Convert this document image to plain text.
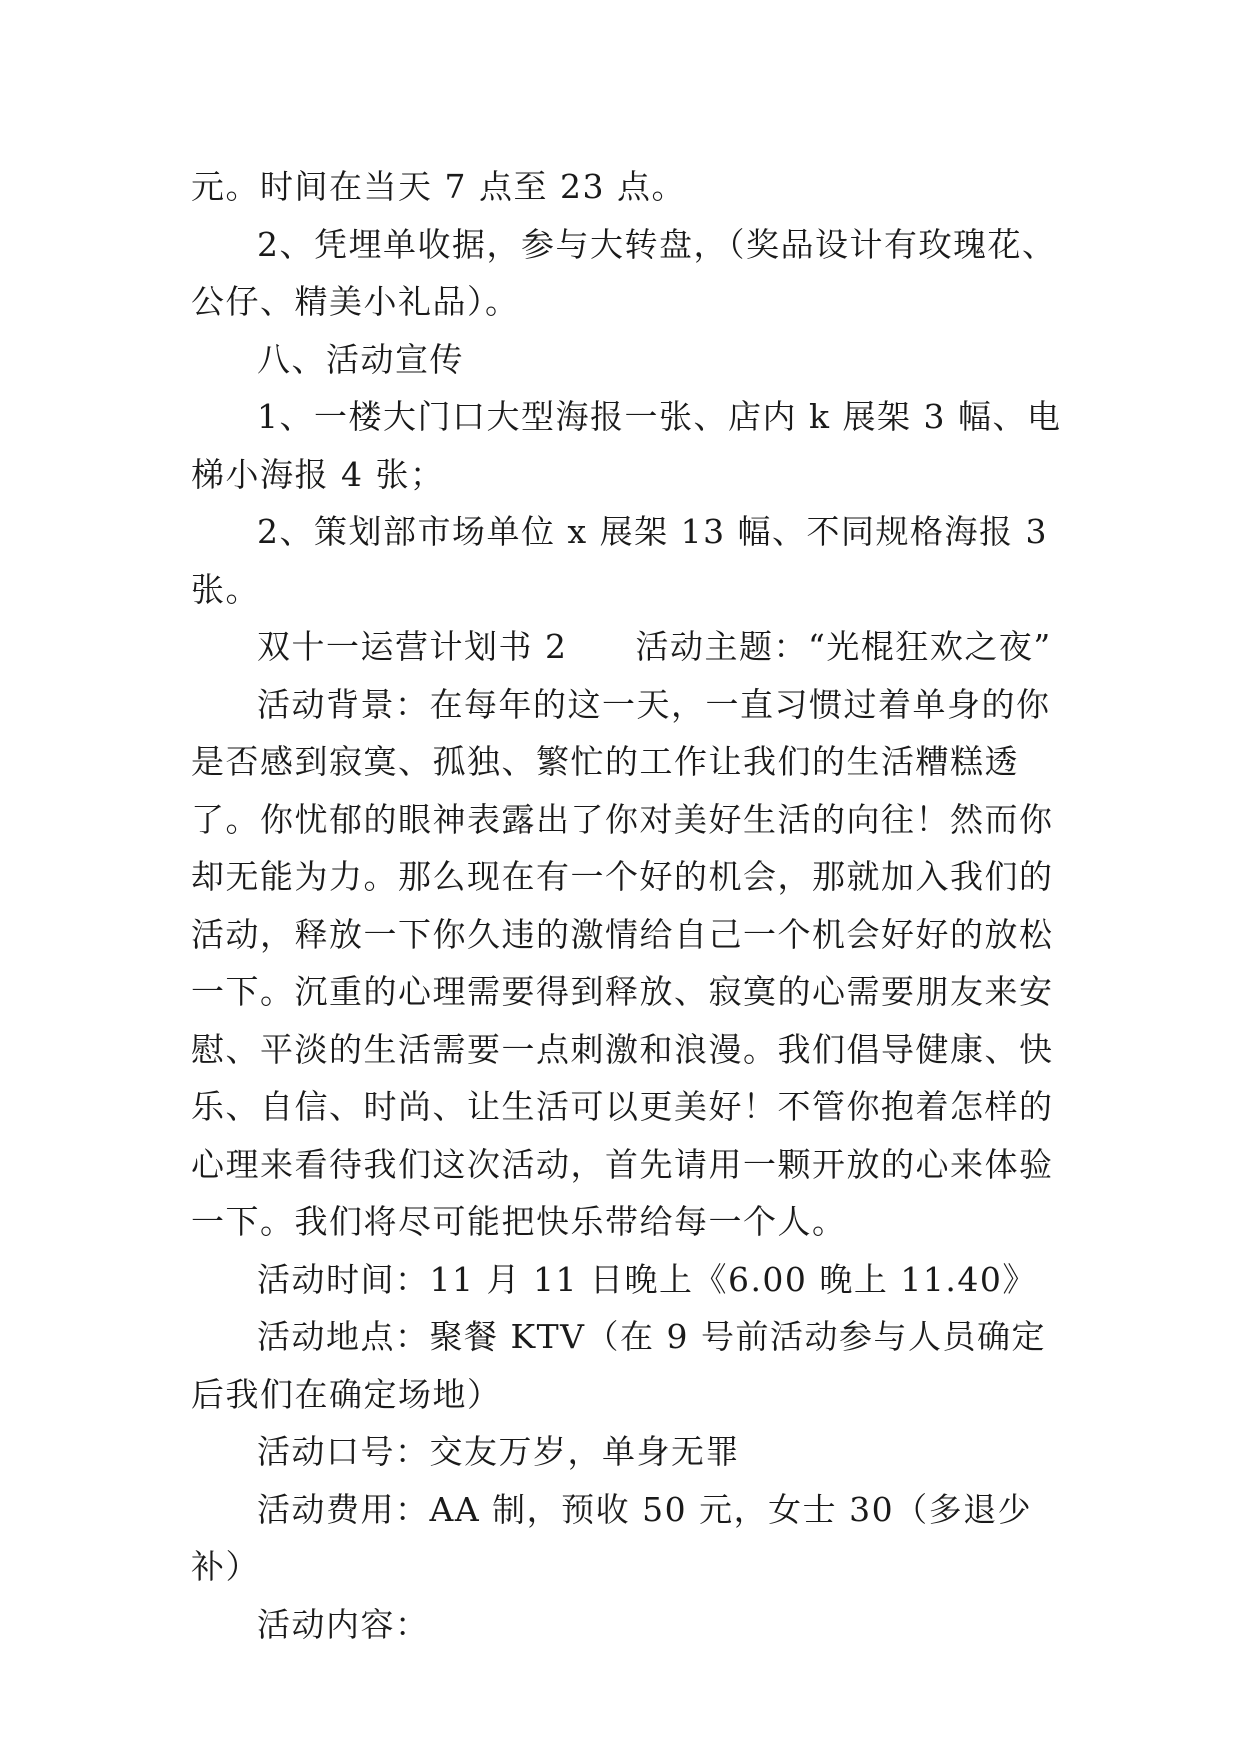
元。时间在当天 7 点至 23 点。

2、凭埋单收据，参与大转盘，（奖品设计有玫瑰花、公仔、精美小礼品）。

八、活动宣传

1、一楼大门口大型海报一张、店内 k 展架 3 幅、电梯小海报 4 张；

2、策划部市场单位 x 展架 13 幅、不同规格海报 3 张。

双十一运营计划书 2 活动主题：“光棍狂欢之夜”

活动背景：在每年的这一天，一直习惯过着单身的你是否感到寂寞、孤独、繁忙的工作让我们的生活糟糕透了。你忧郁的眼神表露出了你对美好生活的向往！然而你却无能为力。那么现在有一个好的机会，那就加入我们的活动，释放一下你久违的激情给自己一个机会好好的放松一下。沉重的心理需要得到释放、寂寞的心需要朋友来安慰、平淡的生活需要一点刺激和浪漫。我们倡导健康、快乐、自信、时尚、让生活可以更美好！不管你抱着怎样的心理来看待我们这次活动，首先请用一颗开放的心来体验一下。我们将尽可能把快乐带给每一个人。

活动时间：11 月 11 日晚上《6.00 晚上 11.40》

活动地点：聚餐 KTV（在 9 号前活动参与人员确定后我们在确定场地）

活动口号：交友万岁，单身无罪

活动费用：AA 制，预收 50 元，女士 30（多退少补）

活动内容：
